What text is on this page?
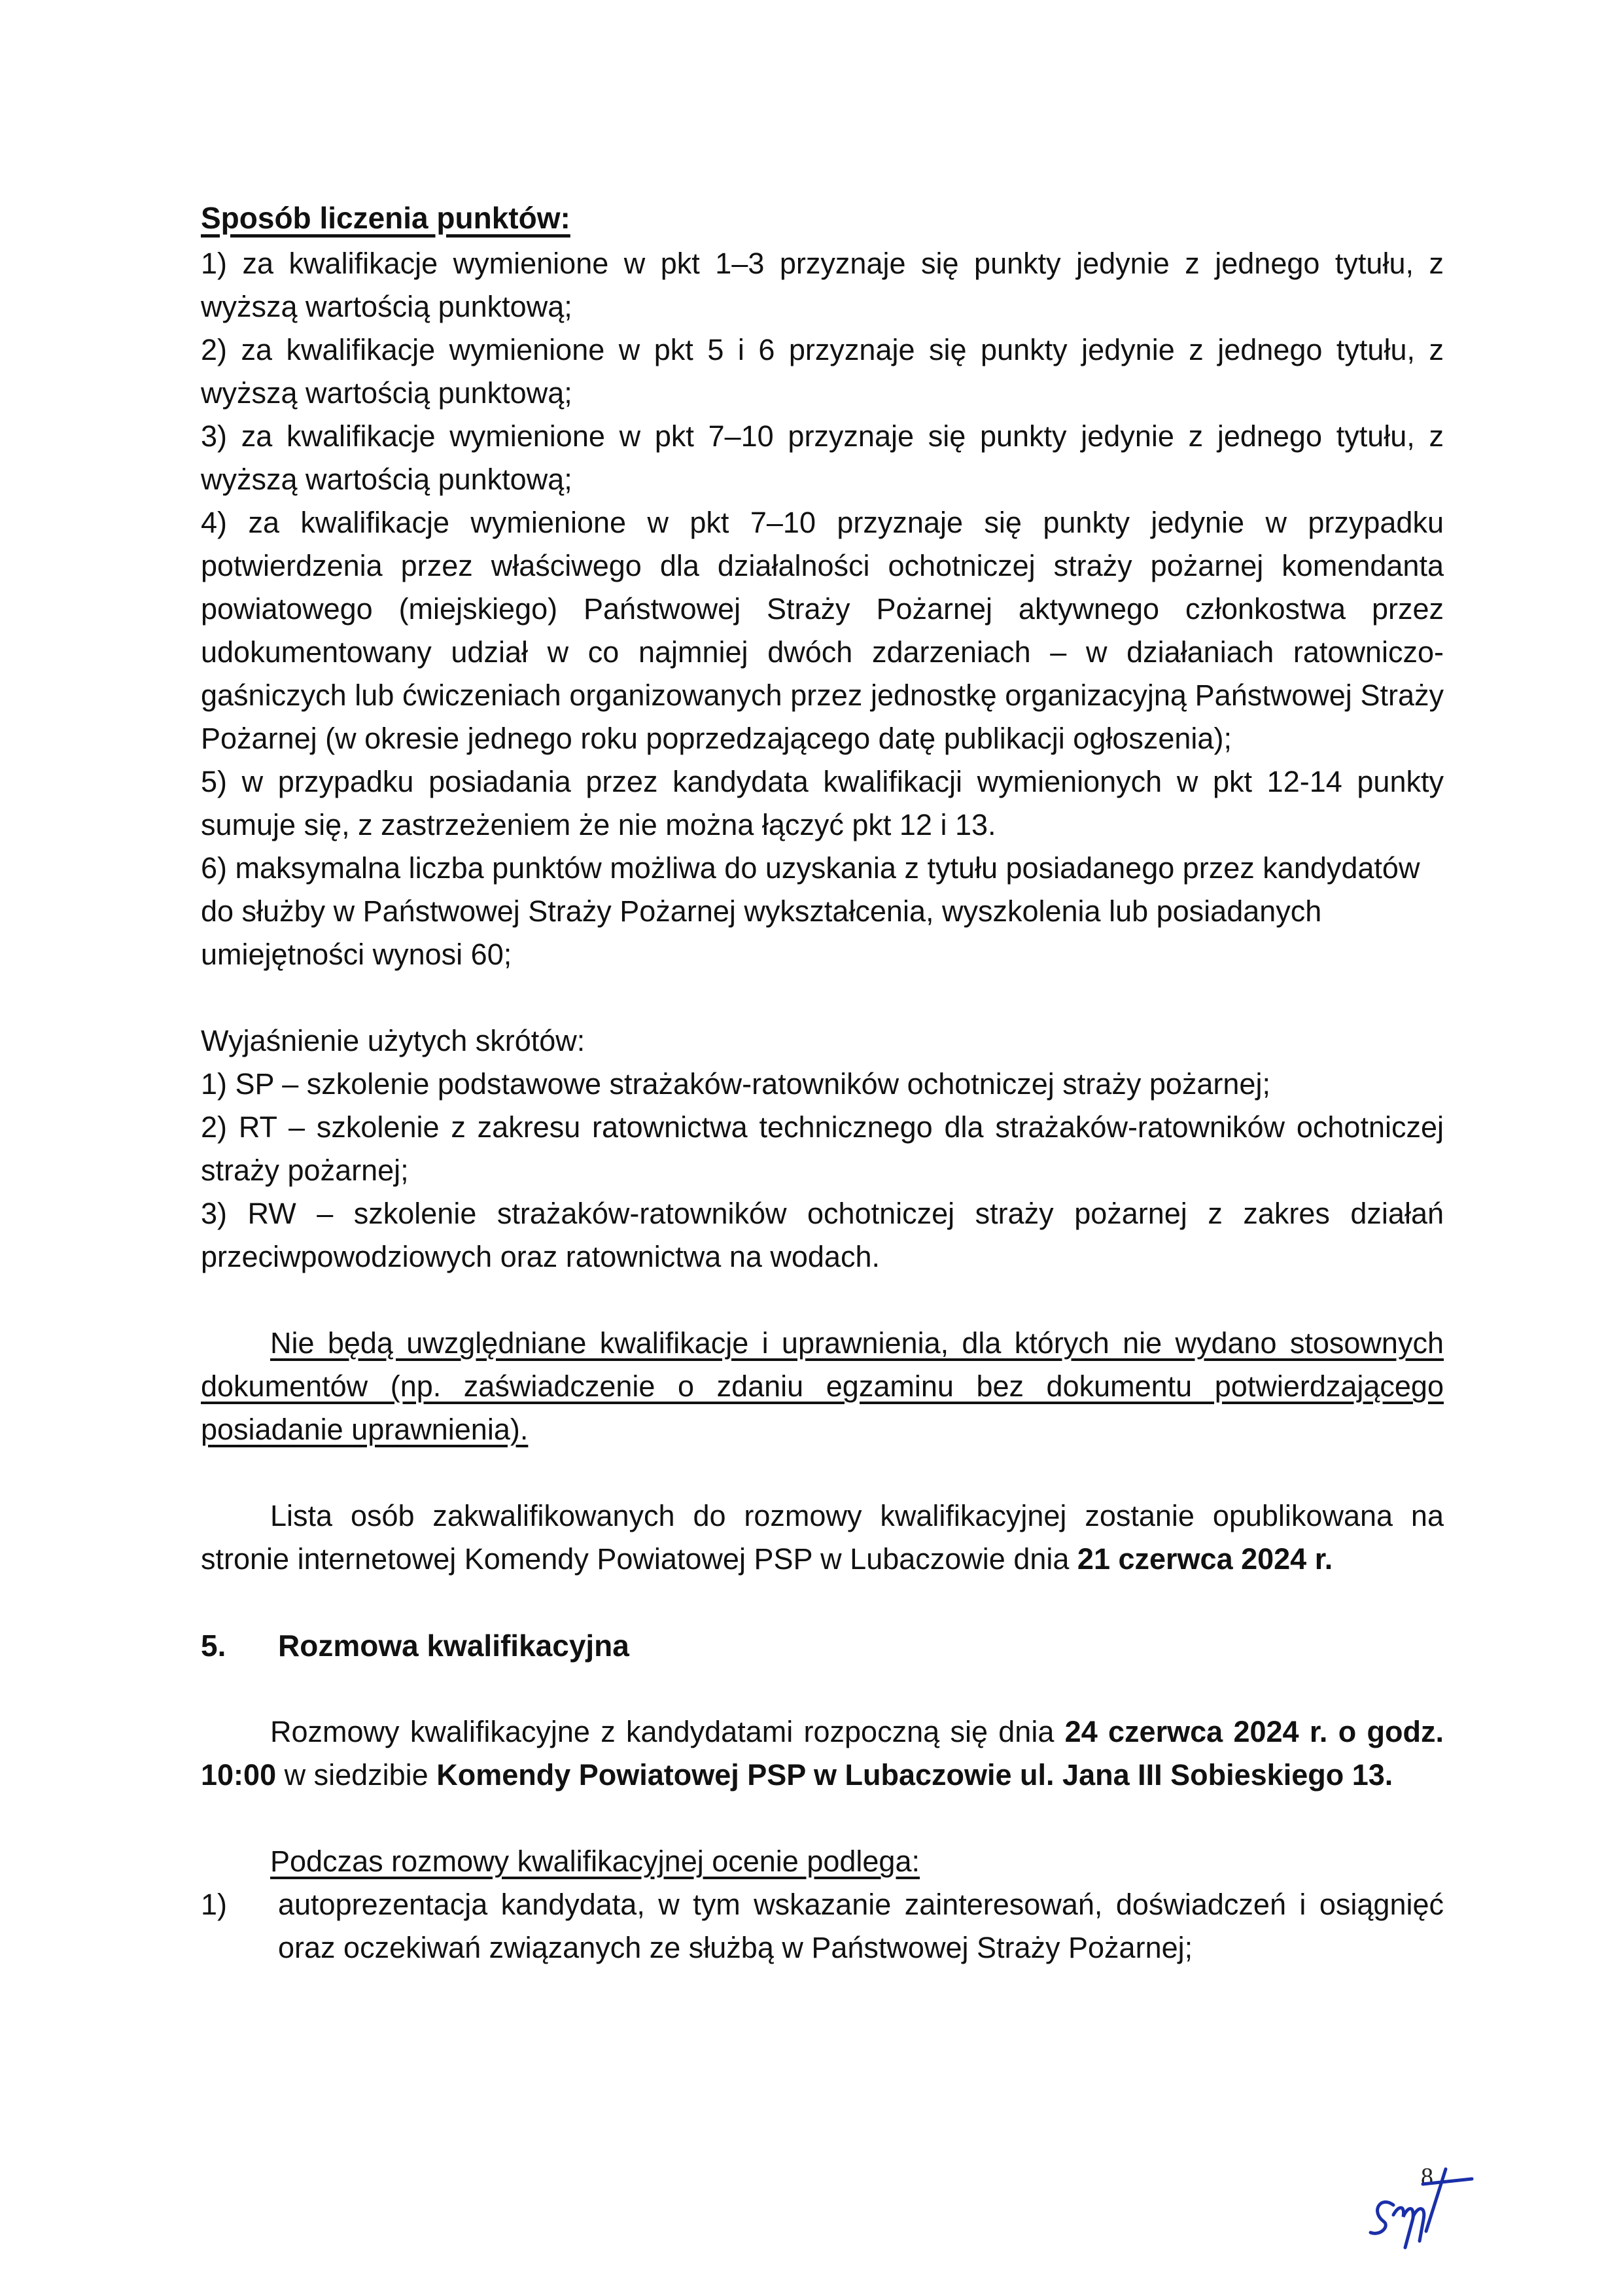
Sposób liczenia punktów:

1) za kwalifikacje wymienione w pkt 1–3 przyznaje się punkty jedynie z jednego tytułu, z wyższą wartością punktową;

2) za kwalifikacje wymienione w pkt 5 i 6 przyznaje się punkty jedynie z jednego tytułu, z wyższą wartością punktową;

3) za kwalifikacje wymienione w pkt 7–10 przyznaje się punkty jedynie z jednego tytułu, z wyższą wartością punktową;

4) za kwalifikacje wymienione w pkt 7–10 przyznaje się punkty jedynie w przypadku potwierdzenia przez właściwego dla działalności ochotniczej straży pożarnej komendanta powiatowego (miejskiego) Państwowej Straży Pożarnej aktywnego członkostwa przez udokumentowany udział w co najmniej dwóch zdarzeniach – w działaniach ratowniczo-gaśniczych lub ćwiczeniach organizowanych przez jednostkę organizacyjną Państwowej Straży Pożarnej (w okresie jednego roku poprzedzającego datę publikacji ogłoszenia);

5) w przypadku posiadania przez kandydata kwalifikacji wymienionych w pkt 12-14 punkty sumuje się, z zastrzeżeniem że nie można łączyć pkt 12 i 13.

6) maksymalna liczba punktów możliwa do uzyskania z tytułu posiadanego przez kandydatów do służby w Państwowej Straży Pożarnej wykształcenia, wyszkolenia lub posiadanych umiejętności wynosi 60;

Wyjaśnienie użytych skrótów:

1) SP – szkolenie podstawowe strażaków-ratowników ochotniczej straży pożarnej;

2) RT – szkolenie z zakresu ratownictwa technicznego dla strażaków-ratowników ochotniczej straży pożarnej;

3) RW – szkolenie strażaków-ratowników ochotniczej straży pożarnej z zakres działań przeciwpowodziowych oraz ratownictwa na wodach.

Nie będą uwzględniane kwalifikacje i uprawnienia, dla których nie wydano stosownych dokumentów (np. zaświadczenie o zdaniu egzaminu bez dokumentu potwierdzającego posiadanie uprawnienia).

Lista osób zakwalifikowanych do rozmowy kwalifikacyjnej zostanie opublikowana na stronie internetowej Komendy Powiatowej PSP w Lubaczowie dnia 21 czerwca 2024 r.

5.	Rozmowa kwalifikacyjna

Rozmowy kwalifikacyjne z kandydatami rozpoczną się dnia 24 czerwca 2024 r. o godz. 10:00 w siedzibie Komendy Powiatowej PSP w Lubaczowie ul. Jana III Sobieskiego 13.

Podczas rozmowy kwalifikacyjnej ocenie podlega:

1)	autoprezentacja kandydata, w tym wskazanie zainteresowań, doświadczeń i osiągnięć oraz oczekiwań związanych ze służbą w Państwowej Straży Pożarnej;
8
